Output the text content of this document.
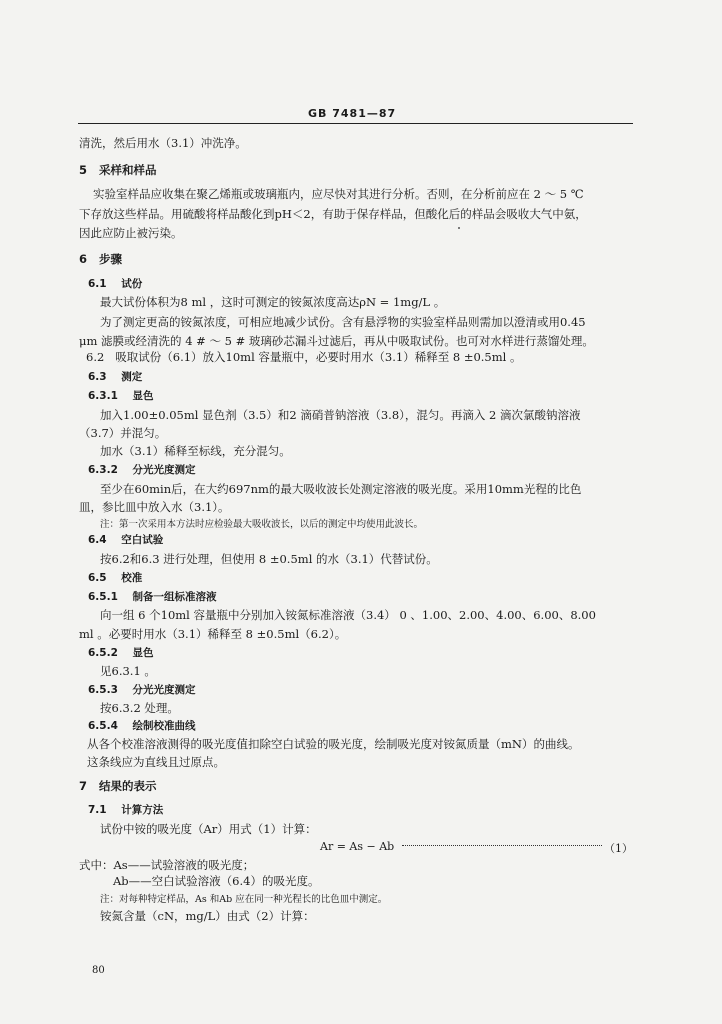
GB 7481—87
清洗，然后用水（3.1）冲洗净。
5   采样和样品
实验室样品应收集在聚乙烯瓶或玻璃瓶内，应尽快对其进行分析。否则，在分析前应在 2 ～ 5 ℃
下存放这些样品。用硫酸将样品酸化到pH＜2，有助于保存样品，但酸化后的样品会吸收大气中氨，
因此应防止被污染。
6   步骤
6.1    试份
最大试份体积为8 ml ，这时可测定的铵氮浓度高达ρN = 1mg/L 。
为了测定更高的铵氮浓度，可相应地减少试份。含有悬浮物的实验室样品则需加以澄清或用0.45
μm 滤膜或经清洗的 4 # ～ 5 # 玻璃砂芯漏斗过滤后，再从中吸取试份。也可对水样进行蒸馏处理。
6.2   吸取试份（6.1）放入10ml 容量瓶中，必要时用水（3.1）稀释至 8 ±0.5ml 。
6.3    测定
6.3.1    显色
加入1.00±0.05ml 显色剂（3.5）和2 滴硝普钠溶液（3.8），混匀。再滴入 2 滴次氯酸钠溶液
（3.7）并混匀。
加水（3.1）稀释至标线，充分混匀。
6.3.2    分光光度测定
至少在60min后，在大约697nm的最大吸收波长处测定溶液的吸光度。采用10mm光程的比色
皿，参比皿中放入水（3.1）。
注：第一次采用本方法时应检验最大吸收波长，以后的测定中均使用此波长。
6.4    空白试验
按6.2和6.3 进行处理，但使用 8 ±0.5ml 的水（3.1）代替试份。
6.5    校准
6.5.1    制备一组标准溶液
向一组 6 个10ml 容量瓶中分别加入铵氮标准溶液（3.4） 0 、1.00、2.00、4.00、6.00、8.00
ml 。必要时用水（3.1）稀释至 8 ±0.5ml（6.2）。
6.5.2    显色
见6.3.1 。
6.5.3    分光光度测定
按6.3.2 处理。
6.5.4    绘制校准曲线
从各个校准溶液测得的吸光度值扣除空白试验的吸光度，绘制吸光度对铵氮质量（mN）的曲线。
这条线应为直线且过原点。
7   结果的表示
7.1    计算方法
试份中铵的吸光度（Ar）用式（1）计算：
Ar = As − Ab	（1）
式中：As——试验溶液的吸光度；
Ab——空白试验溶液（6.4）的吸光度。
注：对每种特定样品，As 和Ab 应在同一种光程长的比色皿中测定。
铵氮含量（cN，mg/L）由式（2）计算：
80
